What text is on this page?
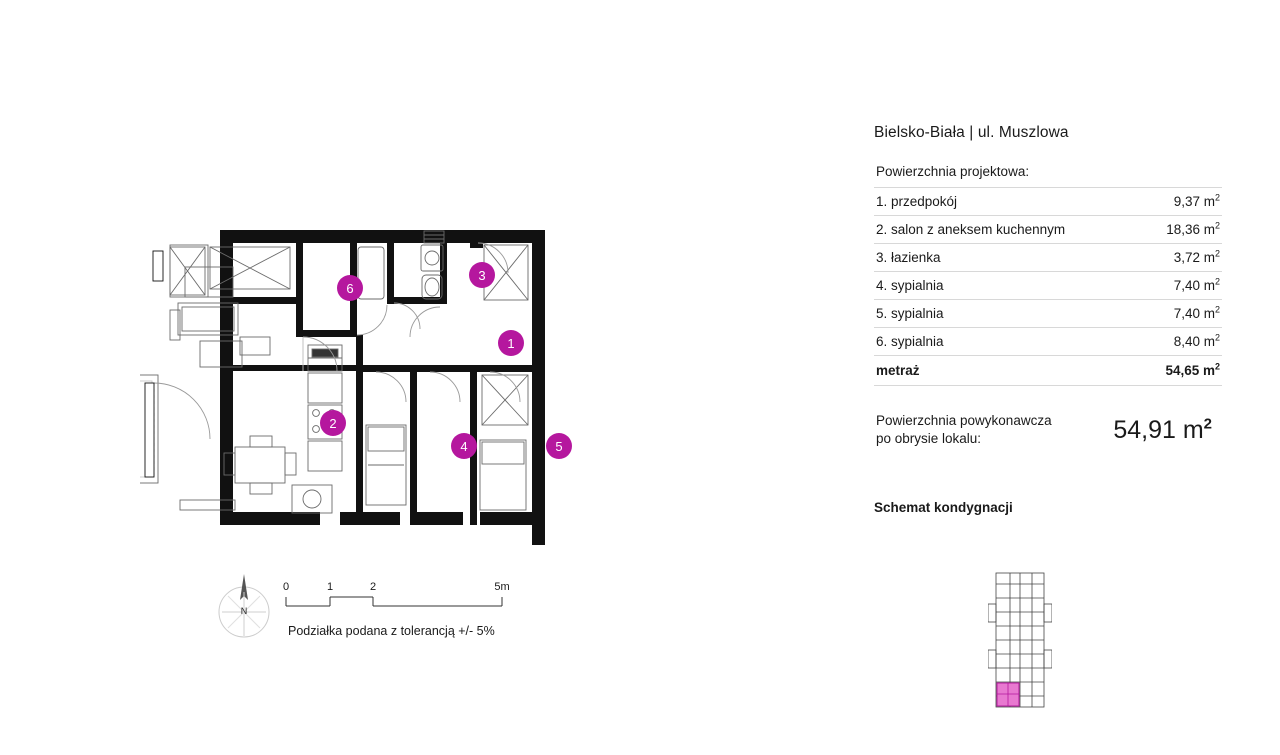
1
2
3
4	5
6
N
0	1	2	5m
Podziałka podana z tolerancją +/- 5%
Bielsko-Biała | ul. Muszlowa
Powierzchnia projektowa:
1. przedpokój	9,37 $m^2$
2. salon z aneksem kuchennym	18,36 $m^2$
3. łazienka	3,72 $m^2$
4. sypialnia	7,40 $m^2$
5. sypialnia	7,40 $m^2$
6. sypialnia	8,40 $m^2$
metraż	54,65 $m^2$
Powierzchnia powykonawcza
po obrysie lokalu:	54,91 $m^2$
Schemat kondygnacji
